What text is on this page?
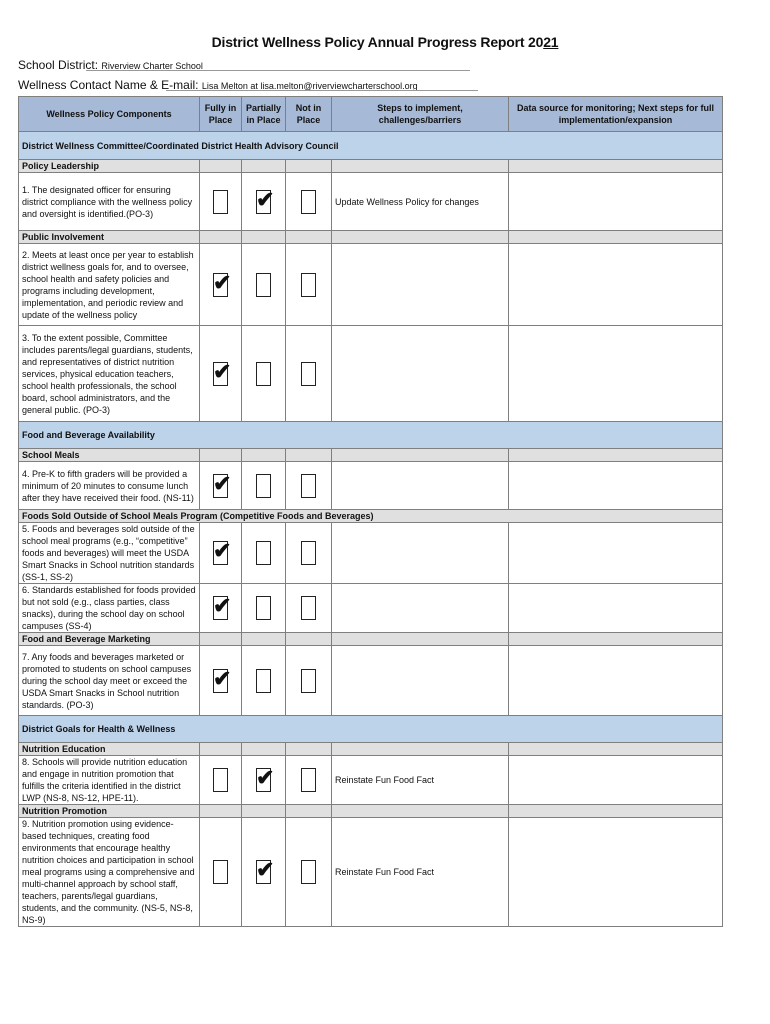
District Wellness Policy Annual Progress Report 2021
School District: Riverview Charter School
Wellness Contact Name & E-mail: Lisa Melton at lisa.melton@riverviewcharterschool.org
Wellness Policy Components	Fully in Place	Partially in Place	Not in Place	Steps to implement, challenges/barriers	Data source for monitoring; Next steps for full implementation/expansion
District Wellness Committee/Coordinated District Health Advisory Council					
Policy Leadership					
1. The designated officer for ensuring district compliance with the wellness policy and oversight is identified.(PO-3)		✔		Update Wellness Policy for changes	
Public Involvement					
2. Meets at least once per year to establish district wellness goals for, and to oversee, school health and safety policies and programs including development, implementation, and periodic review and update of the wellness policy	✔				

3. To the extent possible, Committee includes parents/legal guardians, students, and representatives of district nutrition services, physical education teachers, school health professionals, the school board, school administrators, and the general public. (PO-3)	✔				

Food and Beverage Availability					
School Meals					
4. Pre-K to fifth graders will be provided a minimum of 20 minutes to consume lunch after they have received their food. (NS-11)	✔				

Foods Sold Outside of School Meals Program (Competitive Foods and Beverages)					
5. Foods and beverages sold outside of the school meal programs (e.g., “competitive” foods and beverages) will meet the USDA Smart Snacks in School nutrition standards (SS-1, SS-2)	✔				

6. Standards established for foods provided but not sold (e.g., class parties, class snacks), during the school day on school campuses (SS-4)	✔				

Food and Beverage Marketing					
7. Any foods and beverages marketed or promoted to students on school campuses during the school day meet or exceed the USDA Smart Snacks in School nutrition standards. (PO-3)	✔				

District Goals for Health & Wellness					
Nutrition Education					
8. Schools will provide nutrition education and engage in nutrition promotion that fulfills the criteria identified in the district LWP (NS-8, NS-12, HPE-11).		✔		Reinstate Fun Food Fact	
Nutrition Promotion					
9. Nutrition promotion using evidence-based techniques, creating food environments that encourage healthy nutrition choices and participation in school meal programs using a comprehensive and multi-channel approach by school staff, teachers, parents/legal guardians, students, and the community. (NS-5, NS-8, NS-9)		✔		Reinstate Fun Food Fact	
